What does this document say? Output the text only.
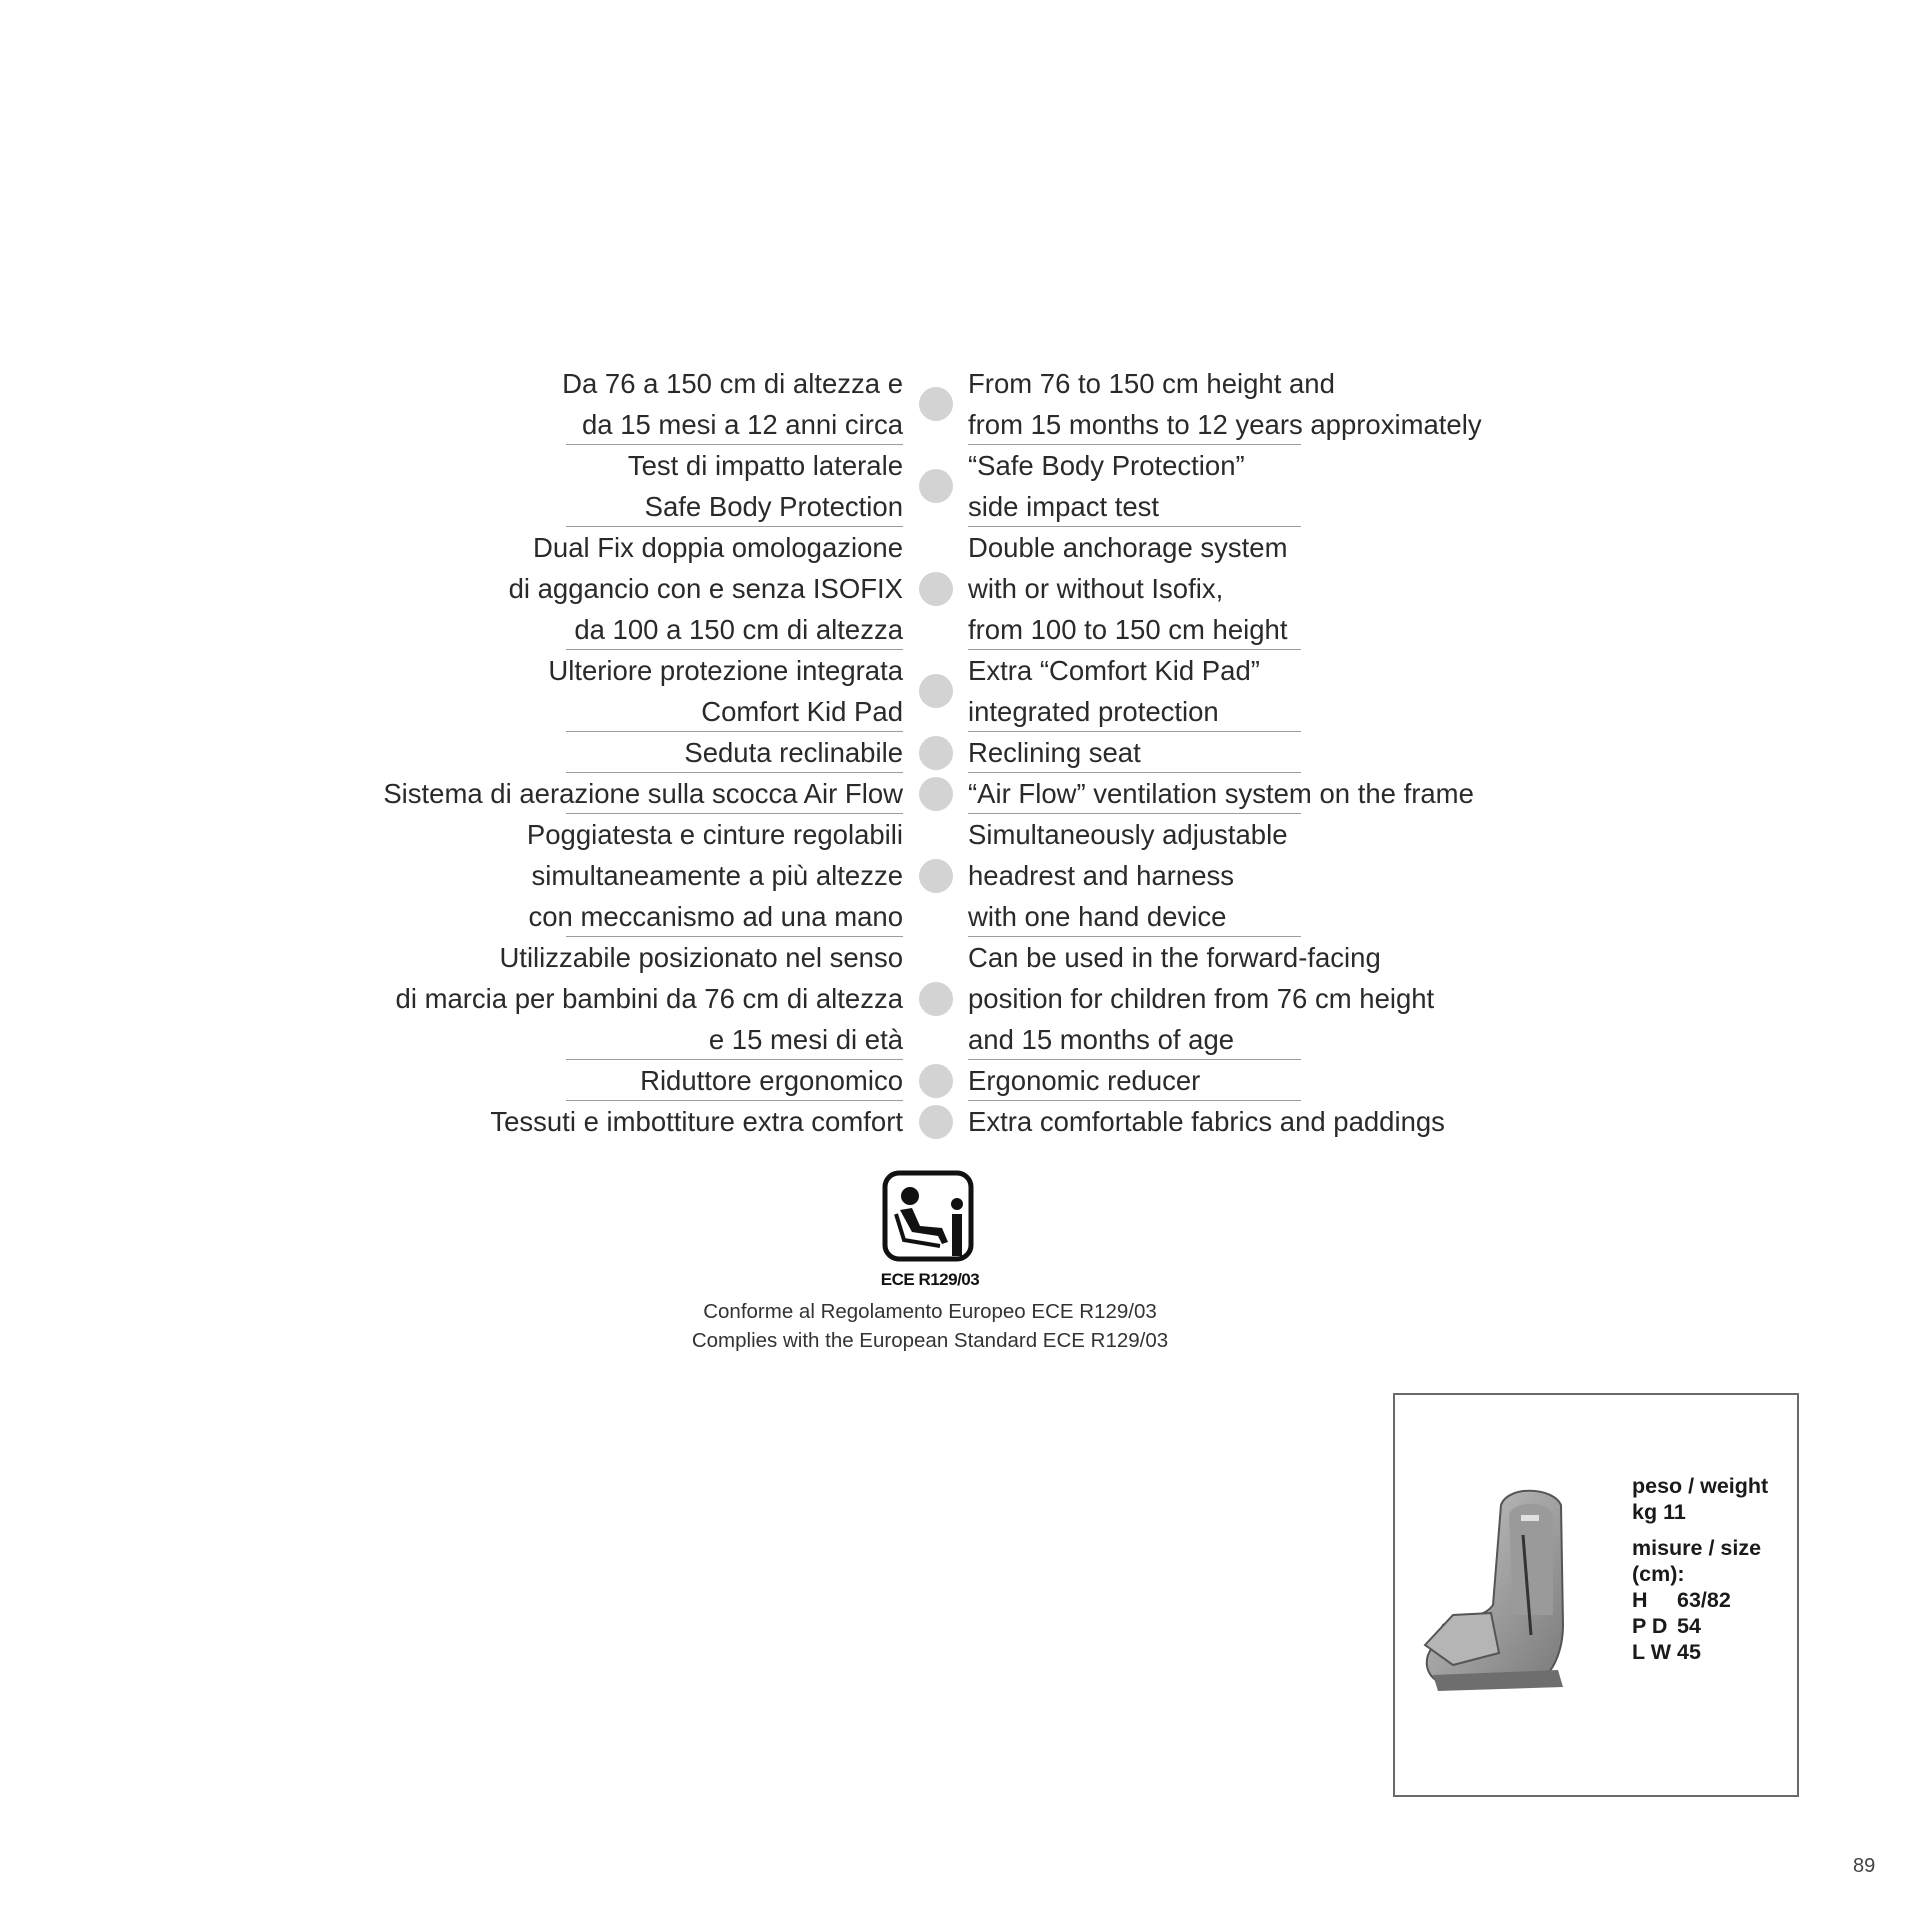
Da 76 a 150 cm di altezza e
da 15 mesi a 12 anni circa
From 76 to 150 cm height and
from 15 months to 12 years approximately
Test di impatto laterale
Safe Body Protection
“Safe Body Protection”
side impact test
Dual Fix doppia omologazione
di aggancio con e senza ISOFIX
da 100 a 150 cm di altezza
Double anchorage system
with or without Isofix,
from 100 to 150 cm height
Ulteriore protezione integrata
Comfort Kid Pad
Extra “Comfort Kid Pad”
integrated protection
Seduta reclinabile Reclining seat
Sistema di aerazione sulla scocca Air Flow “Air Flow” ventilation system on the frame
Poggiatesta e cinture regolabili
simultaneamente a più altezze
con meccanismo ad una mano
Simultaneously adjustable
headrest and harness
with one hand device
Utilizzabile posizionato nel senso
di marcia per bambini da 76 cm di altezza
e 15 mesi di età
Can be used in the forward-facing
position for children from 76 cm height
and 15 months of age
Riduttore ergonomico Ergonomic reducer
Tessuti e imbottiture extra comfort Extra comfortable fabrics and paddings
ECE R129/03
Conforme al Regolamento Europeo ECE R129/03
Complies with the European Standard ECE R129/03
peso / weight
kg 11
misure / size
(cm):
H	63/82
P D 54
L W 45
89
